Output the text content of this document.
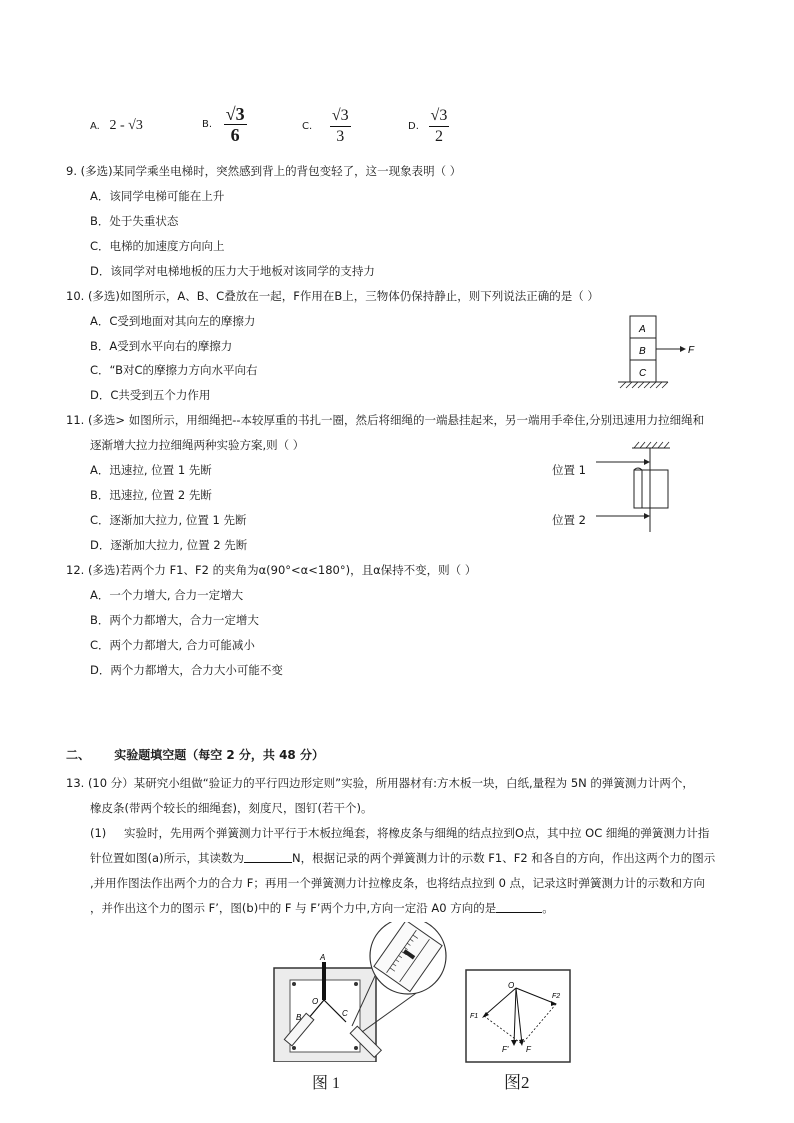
A. 2 - √3	B. $\frac{√3}{6}$	C. $\frac{√3}{3}$	D. $\frac{√3}{2}$
9. (多选)某同学乘坐电梯时，突然感到背上的背包变轻了，这一现象表明（ ）
A．该同学电梯可能在上升
B．处于失重状态
C．电梯的加速度方向向上
D．该同学对电梯地板的压力大于地板对该同学的支持力
10. (多选)如图所示，A、B、C叠放在一起，F作用在B上，三物体仍保持静止，则下列说法正确的是（ ）
A．C受到地面对其向左的摩擦力
B．A受到水平向右的摩擦力
C．“B对C的摩擦力方向水平向右
D．C共受到五个力作用
A
B
C
F
11. (多选> 如图所示，用细绳把--本较厚重的书扎一圈，然后将细绳的一端悬挂起来，另一端用手牵住,分别迅速用力拉细绳和
逐渐增大拉力拉细绳两种实验方案,则（ ）
A．迅速拉, 位置 1 先断
B．迅速拉, 位置 2 先断
C．逐渐加大拉力, 位置 1 先断
D．逐渐加大拉力, 位置 2 先断
位置 1
位置 2
12. (多选)若两个力 F1、F2 的夹角为α(90°<α<180°)，且α保持不变，则（ ）
A．一个力增大, 合力一定增大
B．两个力都增大，合力一定增大
C．两个力都增大, 合力可能减小
D．两个力都增大，合力大小可能不变
二、 实验题填空题（每空 2 分，共 48 分）
13. (10 分）某研究小组做“验证力的平行四边形定则”实验，所用器材有:方木板一块，白纸,量程为 5N 的弹簧测力计两个，
橡皮条(带两个较长的细绳套)，刻度尺，图钉(若干个)。
(1) 实验时，先用两个弹簧测力计平行于木板拉绳套，将橡皮条与细绳的结点拉到O点，其中拉 OC 细绳的弹簧测力计指
针位置如图(a)所示，其读数为	N，根据记录的两个弹簧测力计的示数 F1、F2 和各自的方向，作出这两个力的图示
,并用作图法作出两个力的合力 F；再用一个弹簧测力计拉橡皮条，也将结点拉到 0 点，记录这时弹簧测力计的示数和方向
，并作出这个力的图示 F’，图(b)中的 F 与 F’两个力中,方向一定沿 A0 方向的是	。
A
O
B	C
图 1
O
F1
F2
F
F'
图2
